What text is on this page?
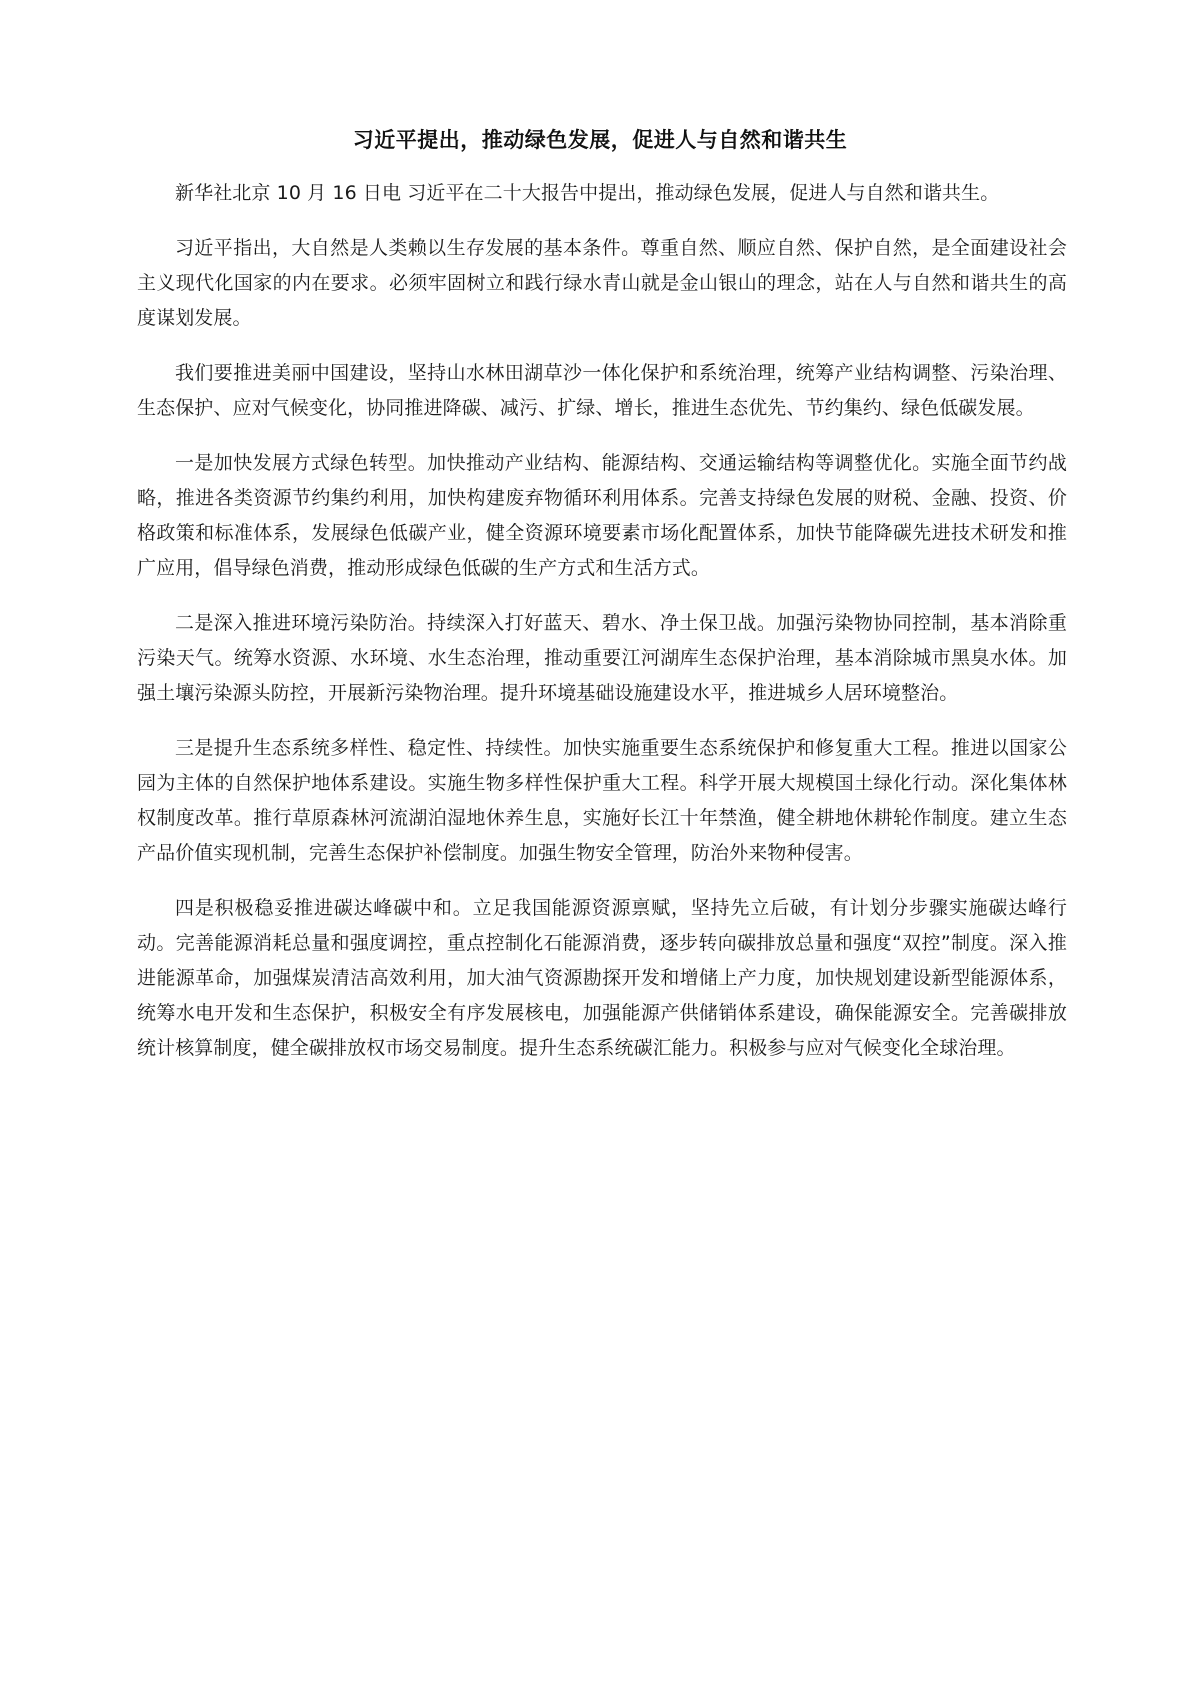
习近平提出，推动绿色发展，促进人与自然和谐共生

新华社北京 10 月 16 日电 习近平在二十大报告中提出，推动绿色发展，促进人与自然和谐共生。

习近平指出，大自然是人类赖以生存发展的基本条件。尊重自然、顺应自然、保护自然，是全面建设社会主义现代化国家的内在要求。必须牢固树立和践行绿水青山就是金山银山的理念，站在人与自然和谐共生的高度谋划发展。

我们要推进美丽中国建设，坚持山水林田湖草沙一体化保护和系统治理，统筹产业结构调整、污染治理、生态保护、应对气候变化，协同推进降碳、减污、扩绿、增长，推进生态优先、节约集约、绿色低碳发展。

一是加快发展方式绿色转型。加快推动产业结构、能源结构、交通运输结构等调整优化。实施全面节约战略，推进各类资源节约集约利用，加快构建废弃物循环利用体系。完善支持绿色发展的财税、金融、投资、价格政策和标准体系，发展绿色低碳产业，健全资源环境要素市场化配置体系，加快节能降碳先进技术研发和推广应用，倡导绿色消费，推动形成绿色低碳的生产方式和生活方式。

二是深入推进环境污染防治。持续深入打好蓝天、碧水、净土保卫战。加强污染物协同控制，基本消除重污染天气。统筹水资源、水环境、水生态治理，推动重要江河湖库生态保护治理，基本消除城市黑臭水体。加强土壤污染源头防控，开展新污染物治理。提升环境基础设施建设水平，推进城乡人居环境整治。

三是提升生态系统多样性、稳定性、持续性。加快实施重要生态系统保护和修复重大工程。推进以国家公园为主体的自然保护地体系建设。实施生物多样性保护重大工程。科学开展大规模国土绿化行动。深化集体林权制度改革。推行草原森林河流湖泊湿地休养生息，实施好长江十年禁渔，健全耕地休耕轮作制度。建立生态产品价值实现机制，完善生态保护补偿制度。加强生物安全管理，防治外来物种侵害。

四是积极稳妥推进碳达峰碳中和。立足我国能源资源禀赋，坚持先立后破，有计划分步骤实施碳达峰行动。完善能源消耗总量和强度调控，重点控制化石能源消费，逐步转向碳排放总量和强度“双控”制度。深入推进能源革命，加强煤炭清洁高效利用，加大油气资源勘探开发和增储上产力度，加快规划建设新型能源体系，统筹水电开发和生态保护，积极安全有序发展核电，加强能源产供储销体系建设，确保能源安全。完善碳排放统计核算制度，健全碳排放权市场交易制度。提升生态系统碳汇能力。积极参与应对气候变化全球治理。
